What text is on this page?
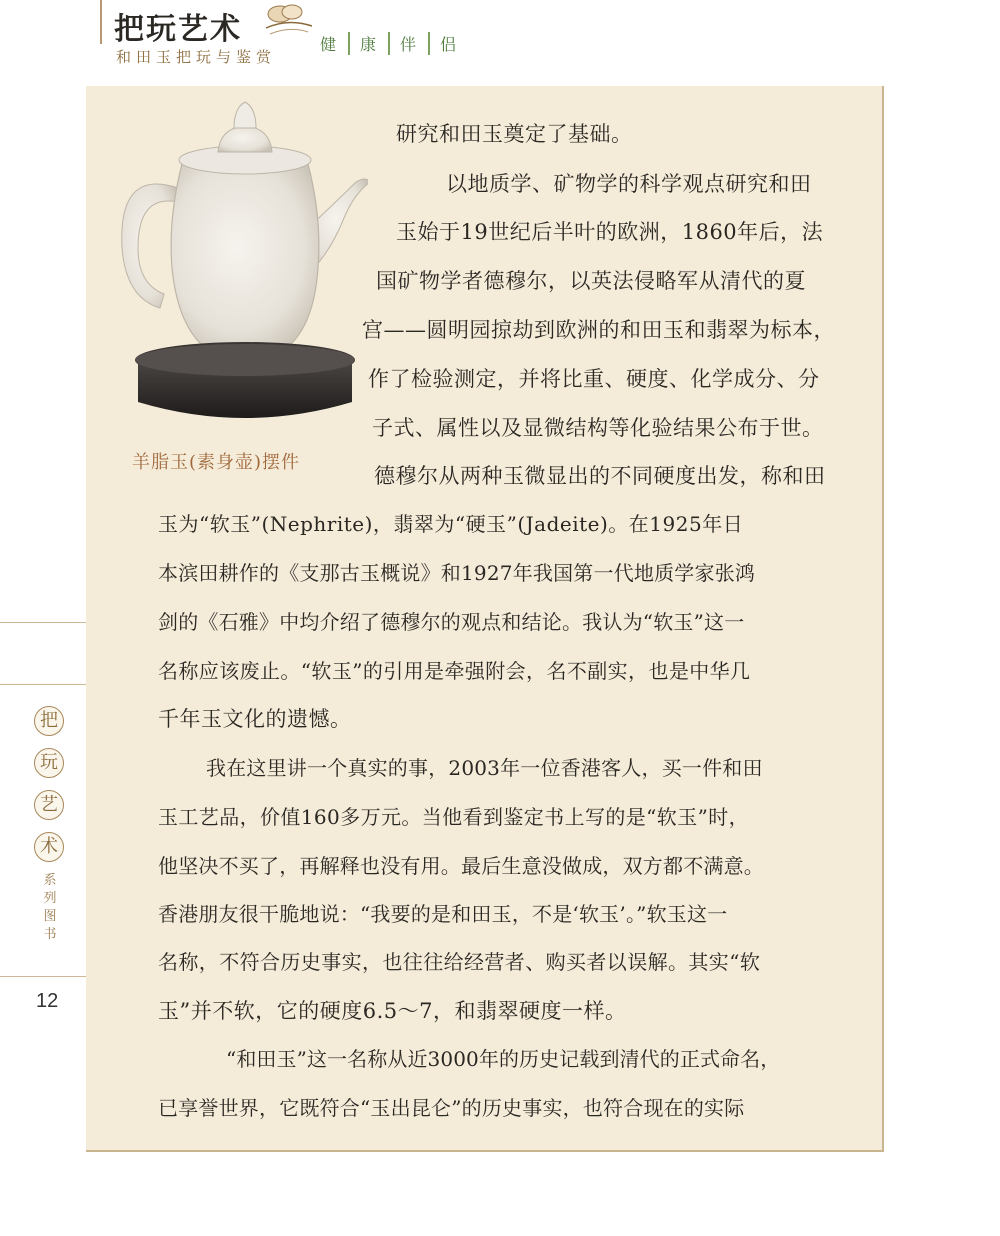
把玩艺术
和田玉把玩与鉴赏
健	康	伴	侣
把
玩
艺
术
系列图书
12
羊脂玉(素身壶)摆件
研究和田玉奠定了基础。
以地质学、矿物学的科学观点研究和田
玉始于19世纪后半叶的欧洲，1860年后，法
国矿物学者德穆尔，以英法侵略军从清代的夏
宫——圆明园掠劫到欧洲的和田玉和翡翠为标本，
作了检验测定，并将比重、硬度、化学成分、分
子式、属性以及显微结构等化验结果公布于世。
德穆尔从两种玉微显出的不同硬度出发，称和田
玉为“软玉”(Nephrite)，翡翠为“硬玉”(Jadeite)。在1925年日
本滨田耕作的《支那古玉概说》和1927年我国第一代地质学家张鸿
剑的《石雅》中均介绍了德穆尔的观点和结论。我认为“软玉”这一
名称应该废止。“软玉”的引用是牵强附会，名不副实，也是中华几
千年玉文化的遗憾。
我在这里讲一个真实的事，2003年一位香港客人，买一件和田
玉工艺品，价值160多万元。当他看到鉴定书上写的是“软玉”时，
他坚决不买了，再解释也没有用。最后生意没做成，双方都不满意。
香港朋友很干脆地说：“我要的是和田玉，不是‘软玉’。”软玉这一
名称，不符合历史事实，也往往给经营者、购买者以误解。其实“软
玉”并不软，它的硬度6.5～7，和翡翠硬度一样。
“和田玉”这一名称从近3000年的历史记载到清代的正式命名，
已享誉世界，它既符合“玉出昆仑”的历史事实，也符合现在的实际
